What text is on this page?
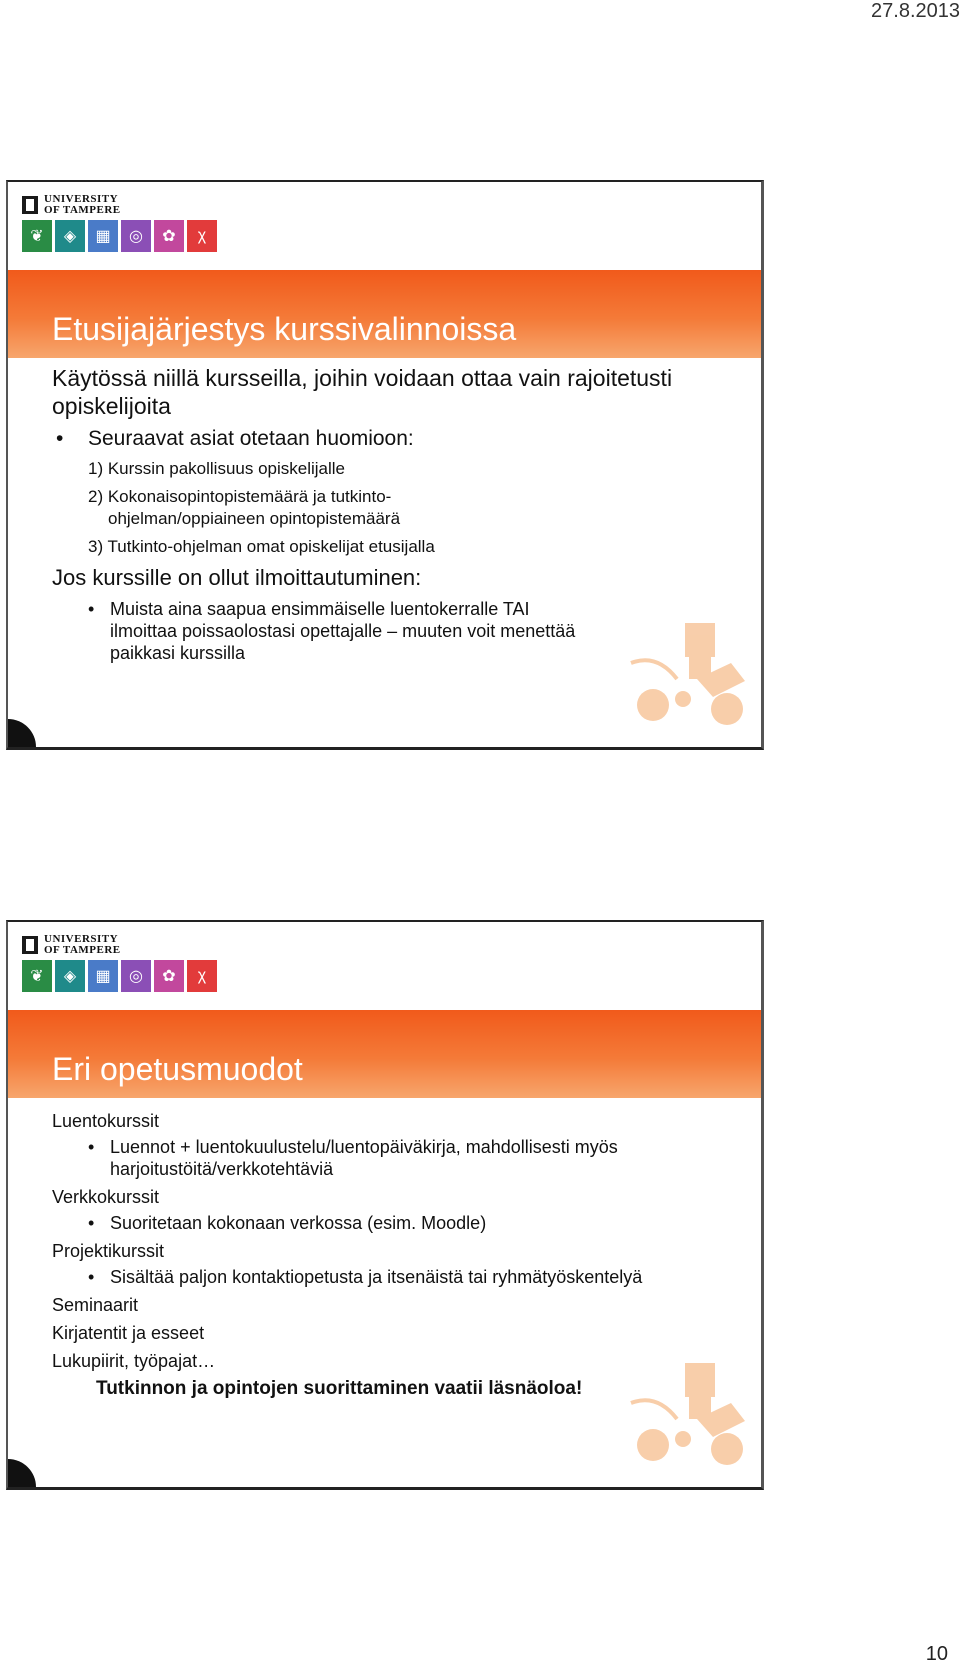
27.8.2013
UNIVERSITY
OF TAMPERE
❦	◈	▦	◎	✿	χ
Etusijajärjestys kurssivalinnoissa

Käytössä niillä kursseilla, joihin voidaan ottaa vain rajoitetusti opiskelijoita

• Seuraavat asiat otetaan huomioon:

1) Kurssin pakollisuus opiskelijalle

2) Kokonaisopintopistemäärä ja tutkinto-
ohjelman/oppiaineen opintopistemäärä

3) Tutkinto-ohjelman omat opiskelijat etusijalla

Jos kurssille on ollut ilmoittautuminen:

• Muista aina saapua ensimmäiselle luentokerralle TAI ilmoittaa poissaolostasi opettajalle – muuten voit menettää paikkasi kurssilla

UNIVERSITY
OF TAMPERE
❦	◈	▦	◎	✿	χ
Eri opetusmuodot

Luentokurssit

• Luennot + luentokuulustelu/luentopäiväkirja, mahdollisesti myös harjoitustöitä/verkkotehtäviä

Verkkokurssit

• Suoritetaan kokonaan verkossa (esim. Moodle)

Projektikurssit

• Sisältää paljon kontaktiopetusta ja itsenäistä tai ryhmätyöskentelyä

Seminaarit

Kirjatentit ja esseet

Lukupiirit, työpajat…

Tutkinnon ja opintojen suorittaminen vaatii läsnäoloa!

10
